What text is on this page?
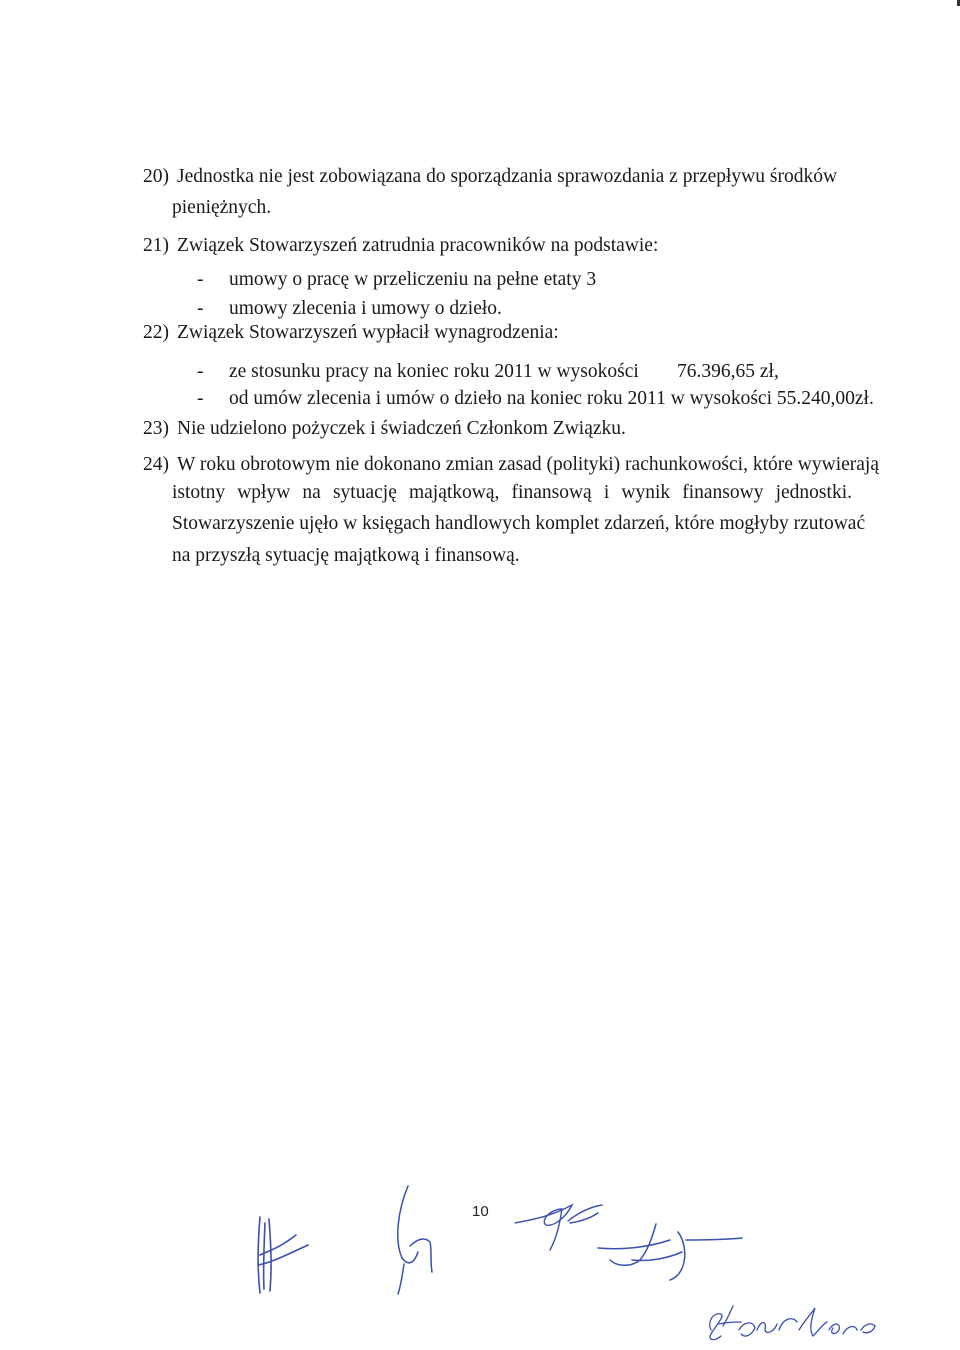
20) Jednostka nie jest zobowiązana do sporządzania sprawozdania z przepływu środków
pieniężnych.
21) Związek Stowarzyszeń zatrudnia pracowników na podstawie:
- umowy o pracę w przeliczeniu na pełne etaty 3
- umowy zlecenia i umowy o dzieło.
22) Związek Stowarzyszeń wypłacił wynagrodzenia:
- ze stosunku pracy na koniec roku 2011 w wysokości 76.396,65 zł,
- od umów zlecenia i umów o dzieło na koniec roku 2011 w wysokości 55.240,00zł.
23) Nie udzielono pożyczek i świadczeń Członkom Związku.
24) W roku obrotowym nie dokonano zmian zasad (polityki) rachunkowości, które wywierają
istotny wpływ na sytuację majątkową, finansową i wynik finansowy jednostki.
Stowarzyszenie ujęło w księgach handlowych komplet zdarzeń, które mogłyby rzutować
na przyszłą sytuację majątkową i finansową.
10
